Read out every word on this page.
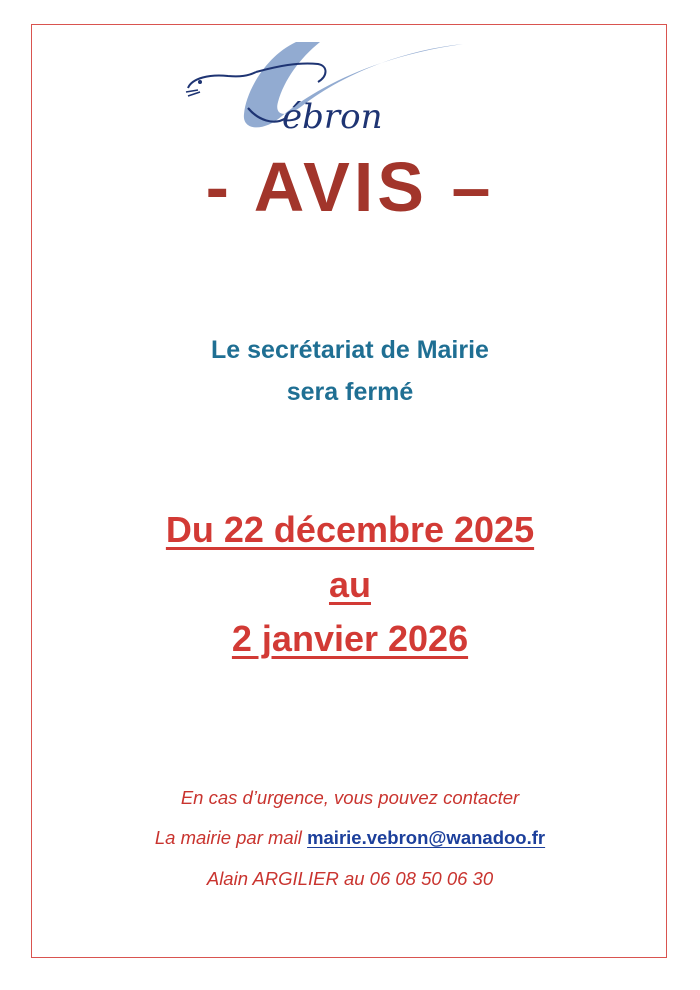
ébron
- AVIS –
Le secrétariat de Mairie
sera fermé
Du 22 décembre 2025
au
2 janvier 2026
En cas d’urgence, vous pouvez contacter
La mairie par mail mairie.vebron@wanadoo.fr
Alain ARGILIER au 06 08 50 06 30
